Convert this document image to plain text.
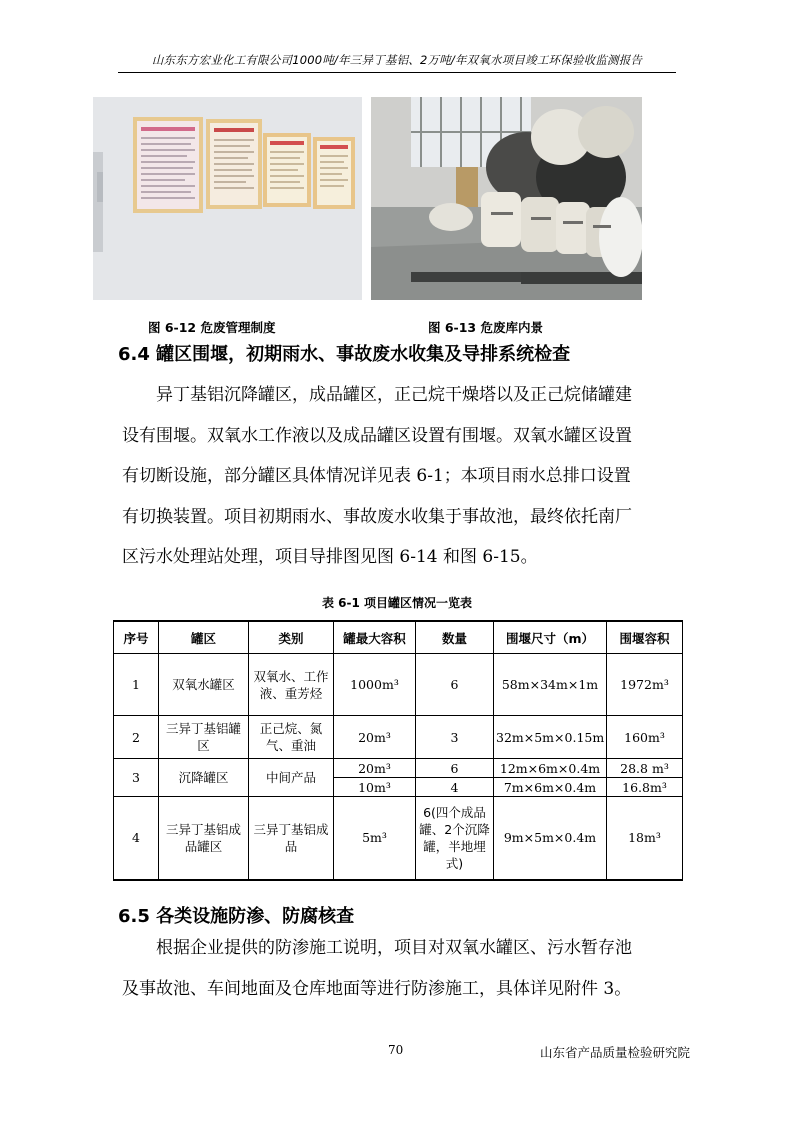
山东东方宏业化工有限公司1000吨/年三异丁基铝、2万吨/年双氧水项目竣工环保验收监测报告
图 6-12 危废管理制度	图 6-13 危废库内景
6.4 罐区围堰，初期雨水、事故废水收集及导排系统检查

异丁基铝沉降罐区，成品罐区，正己烷干燥塔以及正己烷储罐建

设有围堰。双氧水工作液以及成品罐区设置有围堰。双氧水罐区设置

有切断设施，部分罐区具体情况详见表 6-1；本项目雨水总排口设置

有切换装置。项目初期雨水、事故废水收集于事故池，最终依托南厂

区污水处理站处理，项目导排图见图 6-14 和图 6-15。

表 6-1 项目罐区情况一览表
序号	罐区	类别	罐最大容积	数量	围堰尺寸（m）	围堰容积
1	双氧水罐区	双氧水、工作液、重芳烃	1000m³	6	58m×34m×1m	1972m³
2	三异丁基铝罐区	正己烷、氮气、重油	20m³	3	32m×5m×0.15m	160m³
3	沉降罐区	中间产品	20m³	6	12m×6m×0.4m	28.8 m³
			10m³	4	7m×6m×0.4m	16.8m³
4	三异丁基铝成品罐区	三异丁基铝成品	5m³	6(四个成品罐、2个沉降罐，半地埋式)	9m×5m×0.4m	18m³
6.5 各类设施防渗、防腐核查

根据企业提供的防渗施工说明，项目对双氧水罐区、污水暂存池

及事故池、车间地面及仓库地面等进行防渗施工，具体详见附件 3。

70	山东省产品质量检验研究院
